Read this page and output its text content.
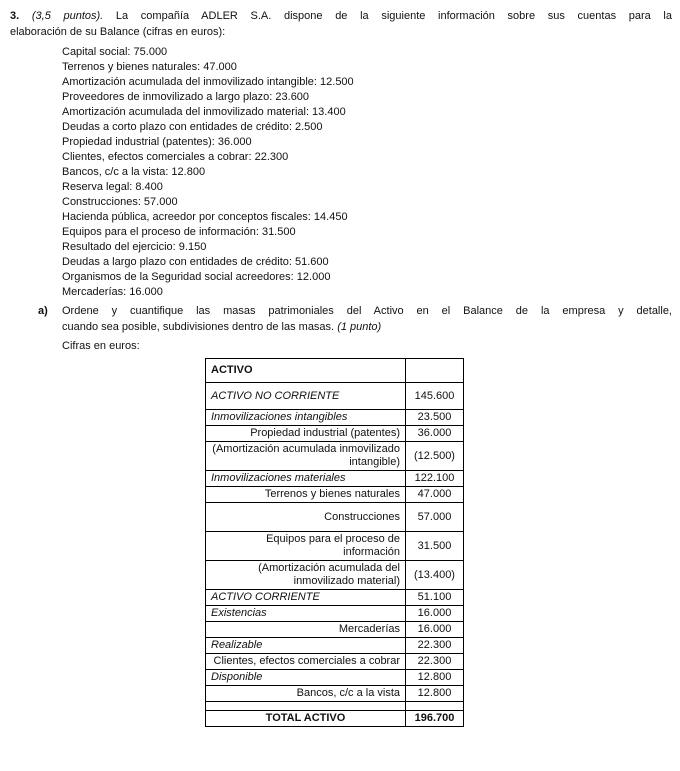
3. (3,5 puntos). La compañía ADLER S.A. dispone de la siguiente información sobre sus cuentas para la
elaboración de su Balance (cifras en euros):
Capital social: 75.000
Terrenos y bienes naturales: 47.000
Amortización acumulada del inmovilizado intangible: 12.500
Proveedores de inmovilizado a largo plazo: 23.600
Amortización acumulada del inmovilizado material: 13.400
Deudas a corto plazo con entidades de crédito: 2.500
Propiedad industrial (patentes): 36.000
Clientes, efectos comerciales a cobrar: 22.300
Bancos, c/c a la vista: 12.800
Reserva legal: 8.400
Construcciones: 57.000
Hacienda pública, acreedor por conceptos fiscales: 14.450
Equipos para el proceso de información: 31.500
Resultado del ejercicio: 9.150
Deudas a largo plazo con entidades de crédito: 51.600
Organismos de la Seguridad social acreedores: 12.000
Mercaderías: 16.000
a)	Ordene y cuantifique las masas patrimoniales del Activo en el Balance de la empresa y detalle,
cuando sea posible, subdivisiones dentro de las masas. (1 punto)
Cifras en euros:
ACTIVO	
ACTIVO NO CORRIENTE	145.600
Inmovilizaciones intangibles	23.500
Propiedad industrial (patentes)	36.000
(Amortización acumulada inmovilizado intangible)	(12.500)
Inmovilizaciones materiales	122.100
Terrenos y bienes naturales	47.000
Construcciones	57.000
Equipos para el proceso de información	31.500
(Amortización acumulada del inmovilizado material)	(13.400)
ACTIVO CORRIENTE	51.100
Existencias	16.000
Mercaderías	16.000
Realizable	22.300
Clientes, efectos comerciales a cobrar	22.300
Disponible	12.800
Bancos, c/c a la vista	12.800

TOTAL ACTIVO	196.700
